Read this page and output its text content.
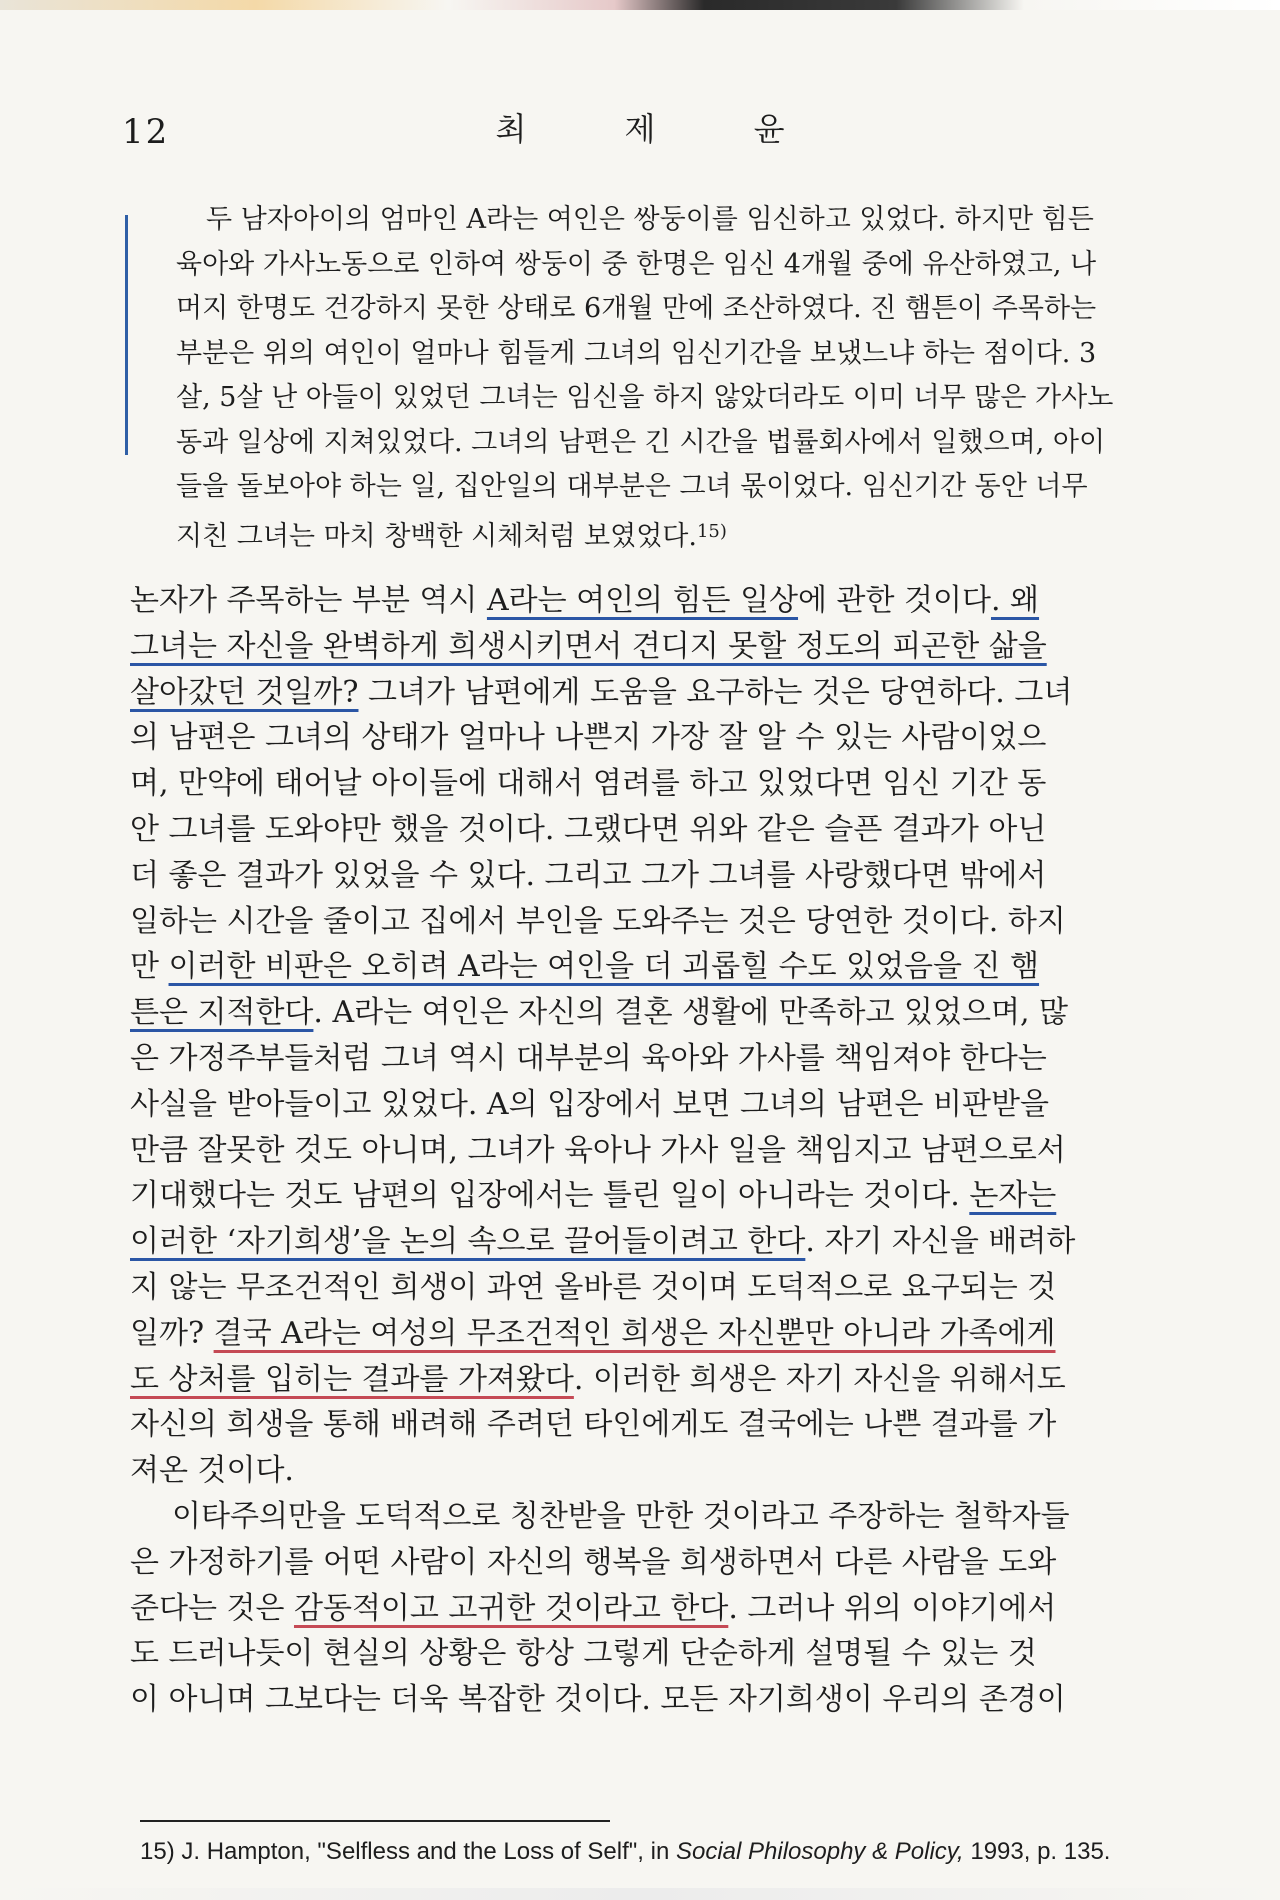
12	최 제 윤
두 남자아이의 엄마인 A라는 여인은 쌍둥이를 임신하고 있었다. 하지만 힘든
육아와 가사노동으로 인하여 쌍둥이 중 한명은 임신 4개월 중에 유산하였고, 나
머지 한명도 건강하지 못한 상태로 6개월 만에 조산하였다. 진 햄튼이 주목하는
부분은 위의 여인이 얼마나 힘들게 그녀의 임신기간을 보냈느냐 하는 점이다. 3
살, 5살 난 아들이 있었던 그녀는 임신을 하지 않았더라도 이미 너무 많은 가사노
동과 일상에 지쳐있었다. 그녀의 남편은 긴 시간을 법률회사에서 일했으며, 아이
들을 돌보아야 하는 일, 집안일의 대부분은 그녀 몫이었다. 임신기간 동안 너무
지친 그녀는 마치 창백한 시체처럼 보였었다.$^{15)}$
논자가 주목하는 부분 역시 A라는 여인의 힘든 일상에 관한 것이다. 왜
그녀는 자신을 완벽하게 희생시키면서 견디지 못할 정도의 피곤한 삶을
살아갔던 것일까? 그녀가 남편에게 도움을 요구하는 것은 당연하다. 그녀
의 남편은 그녀의 상태가 얼마나 나쁜지 가장 잘 알 수 있는 사람이었으
며, 만약에 태어날 아이들에 대해서 염려를 하고 있었다면 임신 기간 동
안 그녀를 도와야만 했을 것이다. 그랬다면 위와 같은 슬픈 결과가 아닌
더 좋은 결과가 있었을 수 있다. 그리고 그가 그녀를 사랑했다면 밖에서
일하는 시간을 줄이고 집에서 부인을 도와주는 것은 당연한 것이다. 하지
만 이러한 비판은 오히려 A라는 여인을 더 괴롭힐 수도 있었음을 진 햄
튼은 지적한다. A라는 여인은 자신의 결혼 생활에 만족하고 있었으며, 많
은 가정주부들처럼 그녀 역시 대부분의 육아와 가사를 책임져야 한다는
사실을 받아들이고 있었다. A의 입장에서 보면 그녀의 남편은 비판받을
만큼 잘못한 것도 아니며, 그녀가 육아나 가사 일을 책임지고 남편으로서
기대했다는 것도 남편의 입장에서는 틀린 일이 아니라는 것이다. 논자는
이러한 ‘자기희생’을 논의 속으로 끌어들이려고 한다. 자기 자신을 배려하
지 않는 무조건적인 희생이 과연 올바른 것이며 도덕적으로 요구되는 것
일까? 결국 A라는 여성의 무조건적인 희생은 자신뿐만 아니라 가족에게
도 상처를 입히는 결과를 가져왔다. 이러한 희생은 자기 자신을 위해서도
자신의 희생을 통해 배려해 주려던 타인에게도 결국에는 나쁜 결과를 가
져온 것이다.
이타주의만을 도덕적으로 칭찬받을 만한 것이라고 주장하는 철학자들
은 가정하기를 어떤 사람이 자신의 행복을 희생하면서 다른 사람을 도와
준다는 것은 감동적이고 고귀한 것이라고 한다. 그러나 위의 이야기에서
도 드러나듯이 현실의 상황은 항상 그렇게 단순하게 설명될 수 있는 것
이 아니며 그보다는 더욱 복잡한 것이다. 모든 자기희생이 우리의 존경이
15) J. Hampton, "Selfless and the Loss of Self", in Social Philosophy & Policy, 1993, p. 135.
